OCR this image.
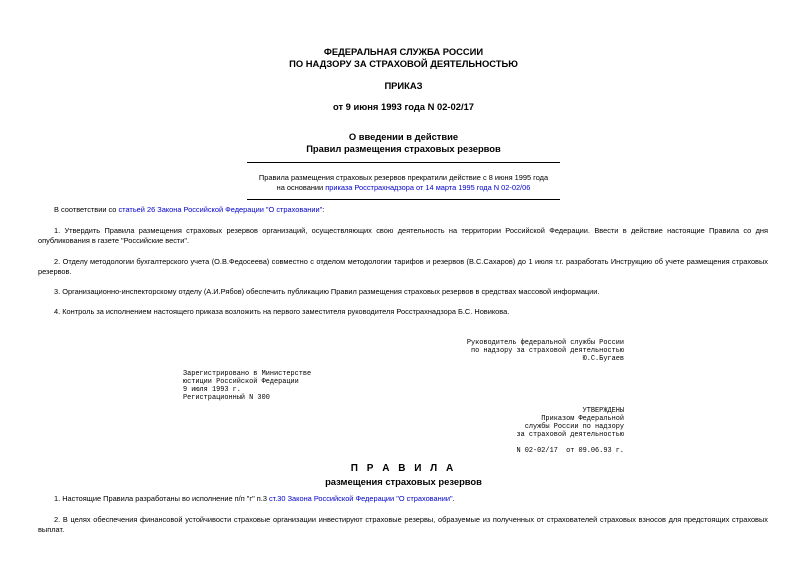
ФЕДЕРАЛЬНАЯ СЛУЖБА РОССИИ
ПО НАДЗОРУ ЗА СТРАХОВОЙ ДЕЯТЕЛЬНОСТЬЮ
ПРИКАЗ
от 9 июня 1993 года N 02-02/17
О введении в действие
Правил размещения страховых резервов
Правила размещения страховых резервов прекратили действие с 8 июня 1995 года
на основании приказа Росстрахнадзора от 14 марта 1995 года N 02-02/06
В соответствии со статьей 26 Закона Российской Федерации "О страховании":
1. Утвердить Правила размещения страховых резервов организаций, осуществляющих свою деятельность на территории Российской Федерации. Ввести в действие настоящие Правила со дня опубликования в газете "Российские вести".
2. Отделу методологии бухгалтерского учета (О.В.Федосеева) совместно с отделом методологии тарифов и резервов (В.С.Сахаров) до 1 июля т.г. разработать Инструкцию об учете размещения страховых резервов.
3. Организационно-инспекторскому отделу (А.И.Рябов) обеспечить публикацию Правил размещения страховых резервов в средствах массовой информации.
4. Контроль за исполнением настоящего приказа возложить на первого заместителя руководителя Росстрахнадзора Б.С. Новикова.
Руководитель федеральной службы России
по надзору за страховой деятельностью
Ю.С.Бугаев
Зарегистрировано в Министерстве
юстиции Российской Федерации
9 июля 1993 г.
Регистрационный N 300
УТВЕРЖДЕНЫ
Приказом Федеральной
службы России по надзору
за страховой деятельностью

N 02-02/17  от 09.06.93 г.
П Р А В И Л А
размещения страховых резервов
1. Настоящие Правила разработаны во исполнение п/п "г" п.3 ст.30 Закона Российской Федерации "О страховании".
2. В целях обеспечения финансовой устойчивости страховые организации инвестируют страховые резервы, образуемые из полученных от страхователей страховых взносов для предстоящих страховых выплат.
